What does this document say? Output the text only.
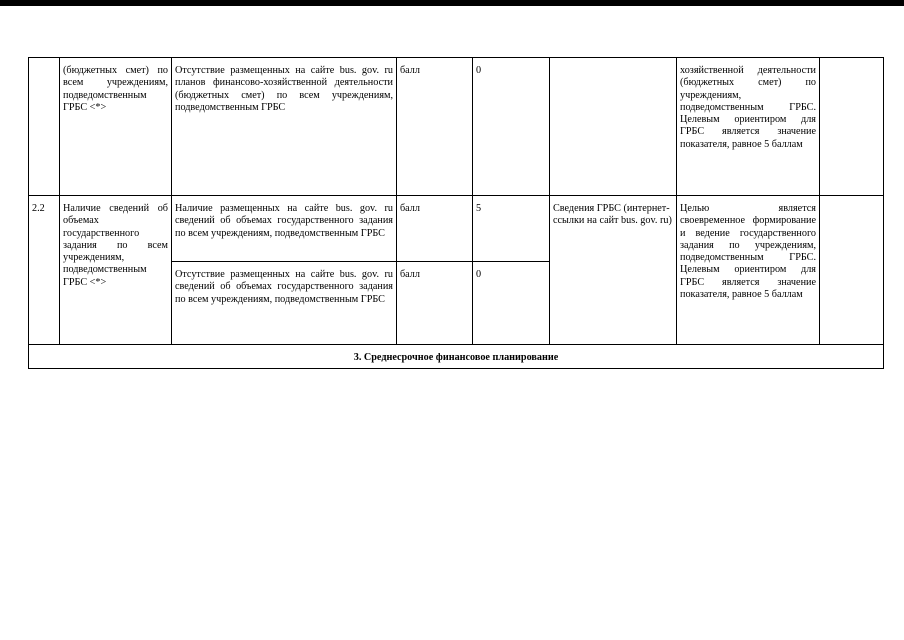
	(бюджетных смет) по всем учреждениям, подведомственным ГРБС <*>	Отсутствие размещенных на сайте bus. gov. ru планов финансово-хозяйственной деятельности (бюджетных смет) по всем учреждениям, подведомственным ГРБС	балл	0		хозяйственной деятельности (бюджетных смет) по учреждениям, подведомственным ГРБС. Целевым ориентиром для ГРБС является значение показателя, равное 5 баллам	
2.2	Наличие сведений об объемах государственного задания по всем учреждениям, подведомственным ГРБС <*>	Наличие размещенных на сайте bus. gov. ru сведений об объемах государственного задания по всем учреждениям, подведомственным ГРБС	балл	5	Сведения ГРБС (интернет-ссылки на сайт bus. gov. ru)	Целью является своевременное формирование и ведение государственного задания по учреждениям, подведомственным ГРБС. Целевым ориентиром для ГРБС является значение показателя, равное 5 баллам	
		Отсутствие размещенных на сайте bus. gov. ru сведений об объемах государственного задания по всем учреждениям, подведомственным ГРБС	балл	0			
3. Среднесрочное финансовое планирование							
